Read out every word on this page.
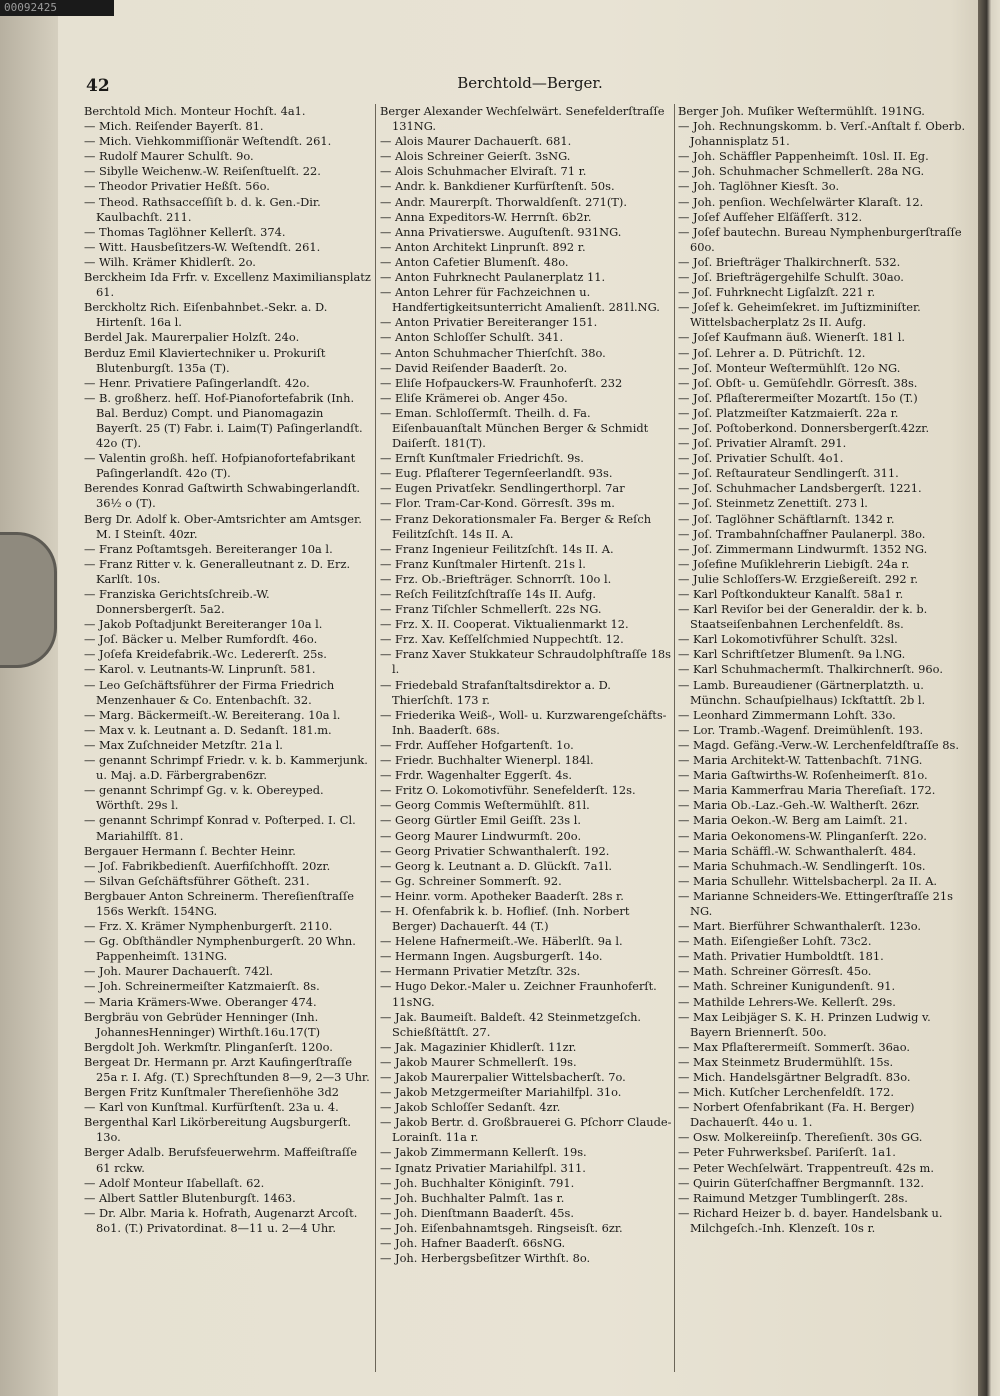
00092425
42	Berchtold—Berger.
Berchtold Mich. Monteur Hochſt. 4a1.
— Mich. Reiſender Bayerſt. 81.
— Mich. Viehkommiſſionär Weſtendſt. 261.
— Rudolf Maurer Schulſt. 9o.
— Sibylle Weichenw.-W. Reiſenſtuelſt. 22.
— Theodor Privatier Heßſt. 56o.
— Theod. Rathsacceſſiſt b. d. k. Gen.-Dir. Kaulbachſt. 211.
— Thomas Taglöhner Kellerſt. 374.
— Witt. Hausbeſitzers-W. Weſtendſt. 261.
— Wilh. Krämer Khidlerſt. 2o.
Berckheim Ida Frfr. v. Excellenz Maximiliansplatz 61.
Berckholtz Rich. Eiſenbahnbet.-Sekr. a. D. Hirtenſt. 16a l.
Berdel Jak. Maurerpalier Holzſt. 24o.
Berduz Emil Klaviertechniker u. Prokuriſt Blutenburgſt. 135a (T).
— Henr. Privatiere Paſingerlandſt. 42o.
— B. großherz. heſſ. Hof-Pianofortefabrik (Inh. Bal. Berduz) Compt. und Pianomagazin Bayerſt. 25 (T) Fabr. i. Laim(T) Paſingerlandſt. 42o (T).
— Valentin großh. heſſ. Hofpianofortefabrikant Paſingerlandſt. 42o (T).
Berendes Konrad Gaſtwirth Schwabingerlandſt. 36½ o (T).
Berg Dr. Adolf k. Ober-Amtsrichter am Amtsger. M. I Steinſt. 40zr.
— Franz Poſtamtsgeh. Bereiteranger 10a l.
— Franz Ritter v. k. Generalleutnant z. D. Erz. Karlſt. 10s.
— Franziska Gerichtsſchreib.-W. Donnersbergerſt. 5a2.
— Jakob Poſtadjunkt Bereiteranger 10a l.
— Joſ. Bäcker u. Melber Rumfordſt. 46o.
— Joſefa Kreidefabrik.-Wc. Ledererſt. 25s.
— Karol. v. Leutnants-W. Linprunſt. 581.
— Leo Geſchäftsführer der Firma Friedrich Menzenhauer & Co. Entenbachſt. 32.
— Marg. Bäckermeiſt.-W. Bereiterang. 10a l.
— Max v. k. Leutnant a. D. Sedanſt. 181.m.
— Max Zuſchneider Metzſtr. 21a l.
— genannt Schrimpf Friedr. v. k. b. Kammerjunk. u. Maj. a.D. Färbergraben6zr.
— genannt Schrimpf Gg. v. k. Obereyped. Wörthſt. 29s l.
— genannt Schrimpf Konrad v. Poſterped. I. Cl. Mariahilfſt. 81.
Bergauer Hermann ſ. Bechter Heinr.
— Joſ. Fabrikbedienſt. Auerfiſchhofſt. 20zr.
— Silvan Geſchäftsführer Götheſt. 231.
Bergbauer Anton Schreinerm. Thereſienſtraſſe 156s Werkſt. 154NG.
— Frz. X. Krämer Nymphenburgerſt. 2110.
— Gg. Obſthändler Nymphenburgerſt. 20 Whn. Pappenheimſt. 131NG.
— Joh. Maurer Dachauerſt. 742l.
— Joh. Schreinermeiſter Katzmaierſt. 8s.
— Maria Krämers-Wwe. Oberanger 474.
Bergbräu von Gebrüder Henninger (Inh. JohannesHenninger) Wirthſt.16u.17(T)
Bergdolt Joh. Werkmſtr. Plinganſerſt. 120o.
Bergeat Dr. Hermann pr. Arzt Kaufingerſtraſſe 25a r. I. Afg. (T.) Sprechſtunden 8—9, 2—3 Uhr.
Bergen Fritz Kunſtmaler Thereſienhöhe 3d2
— Karl von Kunſtmal. Kurfürſtenſt. 23a u. 4.
Bergenthal Karl Likörbereitung Augsburgerſt. 13o.
Berger Adalb. Berufsfeuerwehrm. Maffeiſtraſſe 61 rckw.
— Adolf Monteur Iſabellaſt. 62.
— Albert Sattler Blutenburgſt. 1463.
— Dr. Albr. Maria k. Hofrath, Augenarzt Arcoſt. 8o1. (T.) Privatordinat. 8—11 u. 2—4 Uhr.
Berger Alexander Wechſelwärt. Senefelderſtraſſe 131NG.
— Alois Maurer Dachauerſt. 681.
— Alois Schreiner Geierſt. 3sNG.
— Alois Schuhmacher Elviraſt. 71 r.
— Andr. k. Bankdiener Kurfürſtenſt. 50s.
— Andr. Maurerpſt. Thorwaldſenſt. 271(T).
— Anna Expeditors-W. Herrnſt. 6b2r.
— Anna Privatierswe. Auguſtenſt. 931NG.
— Anton Architekt Linprunſt. 892 r.
— Anton Cafetier Blumenſt. 48o.
— Anton Fuhrknecht Paulanerplatz 11.
— Anton Lehrer für Fachzeichnen u. Handfertigkeitsunterricht Amalienſt. 281l.NG.
— Anton Privatier Bereiteranger 151.
— Anton Schloſſer Schulſt. 341.
— Anton Schuhmacher Thierſchſt. 38o.
— David Reiſender Baaderſt. 2o.
— Eliſe Hofpauckers-W. Fraunhoferſt. 232
— Eliſe Krämerei ob. Anger 45o.
— Eman. Schloſſermſt. Theilh. d. Fa. Eiſenbauanſtalt München Berger & Schmidt Daiſerſt. 181(T).
— Ernſt Kunſtmaler Friedrichſt. 9s.
— Eug. Pflaſterer Tegernſeerlandſt. 93s.
— Eugen Privatſekr. Sendlingerthorpl. 7ar
— Flor. Tram-Car-Kond. Görresſt. 39s m.
— Franz Dekorationsmaler Fa. Berger & Reſch Feilitzſchſt. 14s II. A.
— Franz Ingenieur Feilitzſchſt. 14s II. A.
— Franz Kunſtmaler Hirtenſt. 21s l.
— Frz. Ob.-Briefträger. Schnorrſt. 10o l.
— Reſch Feilitzſchſtraſſe 14s II. Aufg.
— Franz Tiſchler Schmellerſt. 22s NG.
— Frz. X. II. Cooperat. Viktualienmarkt 12.
— Frz. Xav. Keſſelſchmied Nuppechtſt. 12.
— Franz Xaver Stukkateur Schraudolphſtraſſe 18s l.
— Friedebald Strafanſtaltsdirektor a. D. Thierſchſt. 173 r.
— Friederika Weiß-, Woll- u. Kurzwarengeſchäfts-Inh. Baaderſt. 68s.
— Frdr. Aufſeher Hofgartenſt. 1o.
— Friedr. Buchhalter Wienerpl. 184l.
— Frdr. Wagenhalter Eggerſt. 4s.
— Fritz O. Lokomotivführ. Senefelderſt. 12s.
— Georg Commis Weſtermühlſt. 81l.
— Georg Gürtler Emil Geiſſt. 23s l.
— Georg Maurer Lindwurmſt. 20o.
— Georg Privatier Schwanthalerſt. 192.
— Georg k. Leutnant a. D. Glückſt. 7a1l.
— Gg. Schreiner Sommerſt. 92.
— Heinr. vorm. Apotheker Baaderſt. 28s r.
— H. Ofenfabrik k. b. Hoflief. (Inh. Norbert Berger) Dachauerſt. 44 (T.)
— Helene Hafnermeiſt.-We. Häberlſt. 9a l.
— Hermann Ingen. Augsburgerſt. 14o.
— Hermann Privatier Metzſtr. 32s.
— Hugo Dekor.-Maler u. Zeichner Fraunhoferſt. 11sNG.
— Jak. Baumeiſt. Baldeſt. 42 Steinmetzgeſch. Schießſtättſt. 27.
— Jak. Magazinier Khidlerſt. 11zr.
— Jakob Maurer Schmellerſt. 19s.
— Jakob Maurerpalier Wittelsbacherſt. 7o.
— Jakob Metzgermeiſter Mariahilfpl. 31o.
— Jakob Schloſſer Sedanſt. 4zr.
— Jakob Bertr. d. Großbrauerei G. Pſchorr Claude-Lorainſt. 11a r.
— Jakob Zimmermann Kellerſt. 19s.
— Ignatz Privatier Mariahilfpl. 311.
— Joh. Buchhalter Königinſt. 791.
— Joh. Buchhalter Palmſt. 1as r.
— Joh. Dienſtmann Baaderſt. 45s.
— Joh. Eiſenbahnamtsgeh. Ringseisſt. 6zr.
— Joh. Hafner Baaderſt. 66sNG.
— Joh. Herbergsbeſitzer Wirthſt. 8o.
Berger Joh. Muſiker Weſtermühlſt. 191NG.
— Joh. Rechnungskomm. b. Verſ.-Anſtalt f. Oberb. Johannisplatz 51.
— Joh. Schäffler Pappenheimſt. 10sl. II. Eg.
— Joh. Schuhmacher Schmellerſt. 28a NG.
— Joh. Taglöhner Kiesſt. 3o.
— Joh. penſion. Wechſelwärter Klaraſt. 12.
— Joſef Aufſeher Elſäſſerſt. 312.
— Joſef bautechn. Bureau Nymphenburgerſtraſſe 60o.
— Joſ. Briefträger Thalkirchnerſt. 532.
— Joſ. Briefträgergehilfe Schulſt. 30ao.
— Joſ. Fuhrknecht Ligſalzſt. 221 r.
— Joſef k. Geheimſekret. im Juſtizminiſter. Wittelsbacherplatz 2s II. Aufg.
— Joſef Kaufmann äuß. Wienerſt. 181 l.
— Joſ. Lehrer a. D. Pütrichſt. 12.
— Joſ. Monteur Weſtermühlſt. 12o NG.
— Joſ. Obſt- u. Gemüſehdlr. Görresſt. 38s.
— Joſ. Pflaſterermeiſter Mozartſt. 15o (T.)
— Joſ. Platzmeiſter Katzmaierſt. 22a r.
— Joſ. Poſtoberkond. Donnersbergerſt.42zr.
— Joſ. Privatier Alramſt. 291.
— Joſ. Privatier Schulſt. 4o1.
— Joſ. Reſtaurateur Sendlingerſt. 311.
— Joſ. Schuhmacher Landsbergerſt. 1221.
— Joſ. Steinmetz Zenettiſt. 273 l.
— Joſ. Taglöhner Schäftlarnſt. 1342 r.
— Joſ. Trambahnſchaffner Paulanerpl. 38o.
— Joſ. Zimmermann Lindwurmſt. 1352 NG.
— Joſefine Muſiklehrerin Liebigſt. 24a r.
— Julie Schloſſers-W. Erzgießereiſt. 292 r.
— Karl Poſtkondukteur Kanalſt. 58a1 r.
— Karl Reviſor bei der Generaldir. der k. b. Staatseiſenbahnen Lerchenfeldſt. 8s.
— Karl Lokomotivführer Schulſt. 32sl.
— Karl Schriftſetzer Blumenſt. 9a l.NG.
— Karl Schuhmachermſt. Thalkirchnerſt. 96o.
— Lamb. Bureaudiener (Gärtnerplatzth. u. Münchn. Schauſpielhaus) Ickſtattſt. 2b l.
— Leonhard Zimmermann Lohſt. 33o.
— Lor. Tramb.-Wagenf. Dreimühlenſt. 193.
— Magd. Gefäng.-Verw.-W. Lerchenfeldſtraſſe 8s.
— Maria Architekt-W. Tattenbachſt. 71NG.
— Maria Gaſtwirths-W. Roſenheimerſt. 81o.
— Maria Kammerfrau Maria Thereſiaſt. 172.
— Maria Ob.-Laz.-Geh.-W. Waltherſt. 26zr.
— Maria Oekon.-W. Berg am Laimſt. 21.
— Maria Oekonomens-W. Plinganſerſt. 22o.
— Maria Schäffl.-W. Schwanthalerſt. 484.
— Maria Schuhmach.-W. Sendlingerſt. 10s.
— Maria Schullehr. Wittelsbacherpl. 2a II. A.
— Marianne Schneiders-We. Ettingerſtraſſe 21s NG.
— Mart. Bierführer Schwanthalerſt. 123o.
— Math. Eiſengießer Lohſt. 73c2.
— Math. Privatier Humboldtſt. 181.
— Math. Schreiner Görresſt. 45o.
— Math. Schreiner Kunigundenſt. 91.
— Mathilde Lehrers-We. Kellerſt. 29s.
— Max Leibjäger S. K. H. Prinzen Ludwig v. Bayern Briennerſt. 50o.
— Max Pflaſterermeiſt. Sommerſt. 36ao.
— Max Steinmetz Brudermühlſt. 15s.
— Mich. Handelsgärtner Belgradſt. 83o.
— Mich. Kutſcher Lerchenfeldſt. 172.
— Norbert Ofenfabrikant (Fa. H. Berger) Dachauerſt. 44o u. 1.
— Osw. Molkereiinſp. Thereſienſt. 30s GG.
— Peter Fuhrwerksbeſ. Pariſerſt. 1a1.
— Peter Wechſelwärt. Trappentreuſt. 42s m.
— Quirin Güterſchaffner Bergmannſt. 132.
— Raimund Metzger Tumblingerſt. 28s.
— Richard Heizer b. d. bayer. Handelsbank u. Milchgeſch.-Inh. Klenzeſt. 10s r.
